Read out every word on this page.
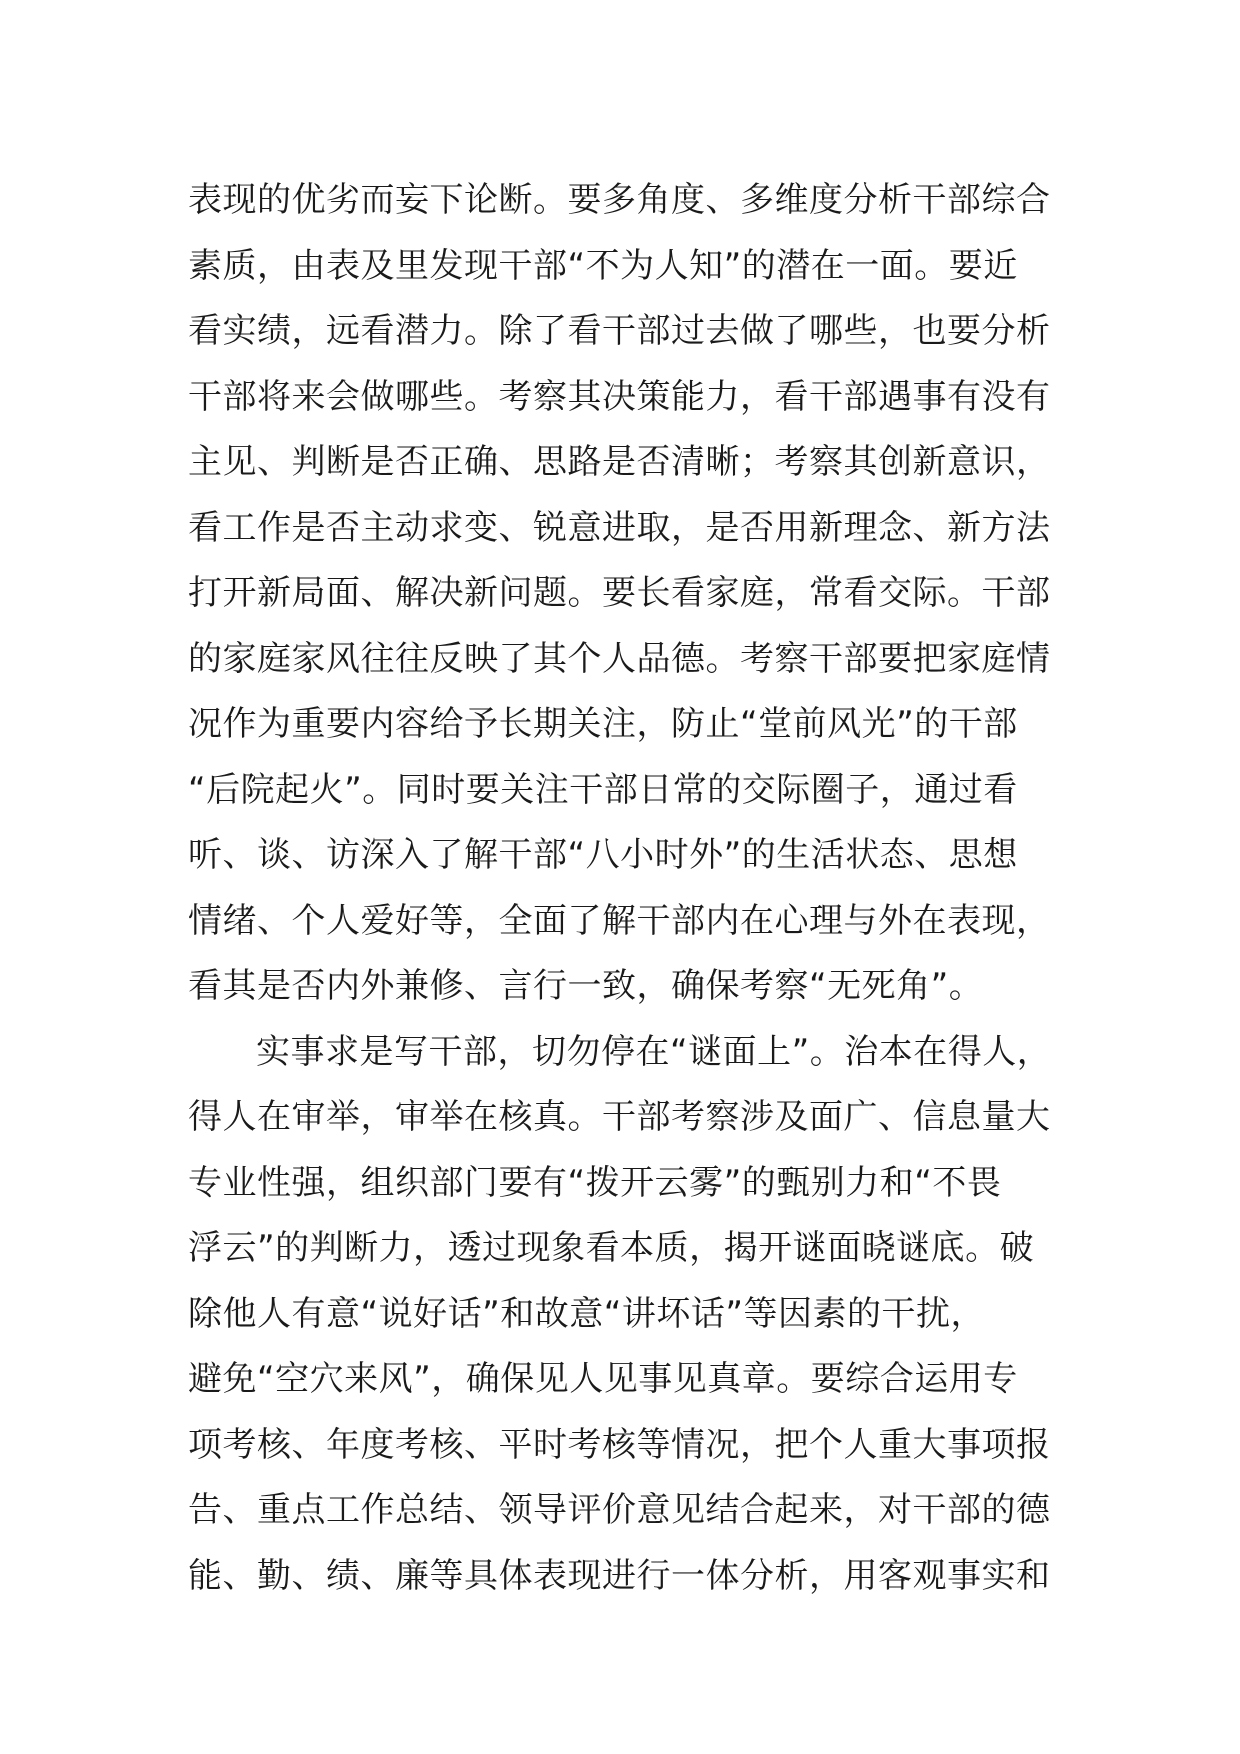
表现的优劣而妄下论断。要多角度、多维度分析干部综合
素质，由表及里发现干部“不为人知”的潜在一面。要近
看实绩，远看潜力。除了看干部过去做了哪些，也要分析
干部将来会做哪些。考察其决策能力，看干部遇事有没有
主见、判断是否正确、思路是否清晰；考察其创新意识，
看工作是否主动求变、锐意进取，是否用新理念、新方法
打开新局面、解决新问题。要长看家庭，常看交际。干部
的家庭家风往往反映了其个人品德。考察干部要把家庭情
况作为重要内容给予长期关注，防止“堂前风光”的干部
“后院起火”。同时要关注干部日常的交际圈子，通过看
听、谈、访深入了解干部“八小时外”的生活状态、思想
情绪、个人爱好等，全面了解干部内在心理与外在表现，
看其是否内外兼修、言行一致，确保考察“无死角”。
实事求是写干部，切勿停在“谜面上”。治本在得人，
得人在审举，审举在核真。干部考察涉及面广、信息量大
专业性强，组织部门要有“拨开云雾”的甄别力和“不畏
浮云”的判断力，透过现象看本质，揭开谜面晓谜底。破
除他人有意“说好话”和故意“讲坏话”等因素的干扰，
避免“空穴来风”，确保见人见事见真章。要综合运用专
项考核、年度考核、平时考核等情况，把个人重大事项报
告、重点工作总结、领导评价意见结合起来，对干部的德
能、勤、绩、廉等具体表现进行一体分析，用客观事实和
